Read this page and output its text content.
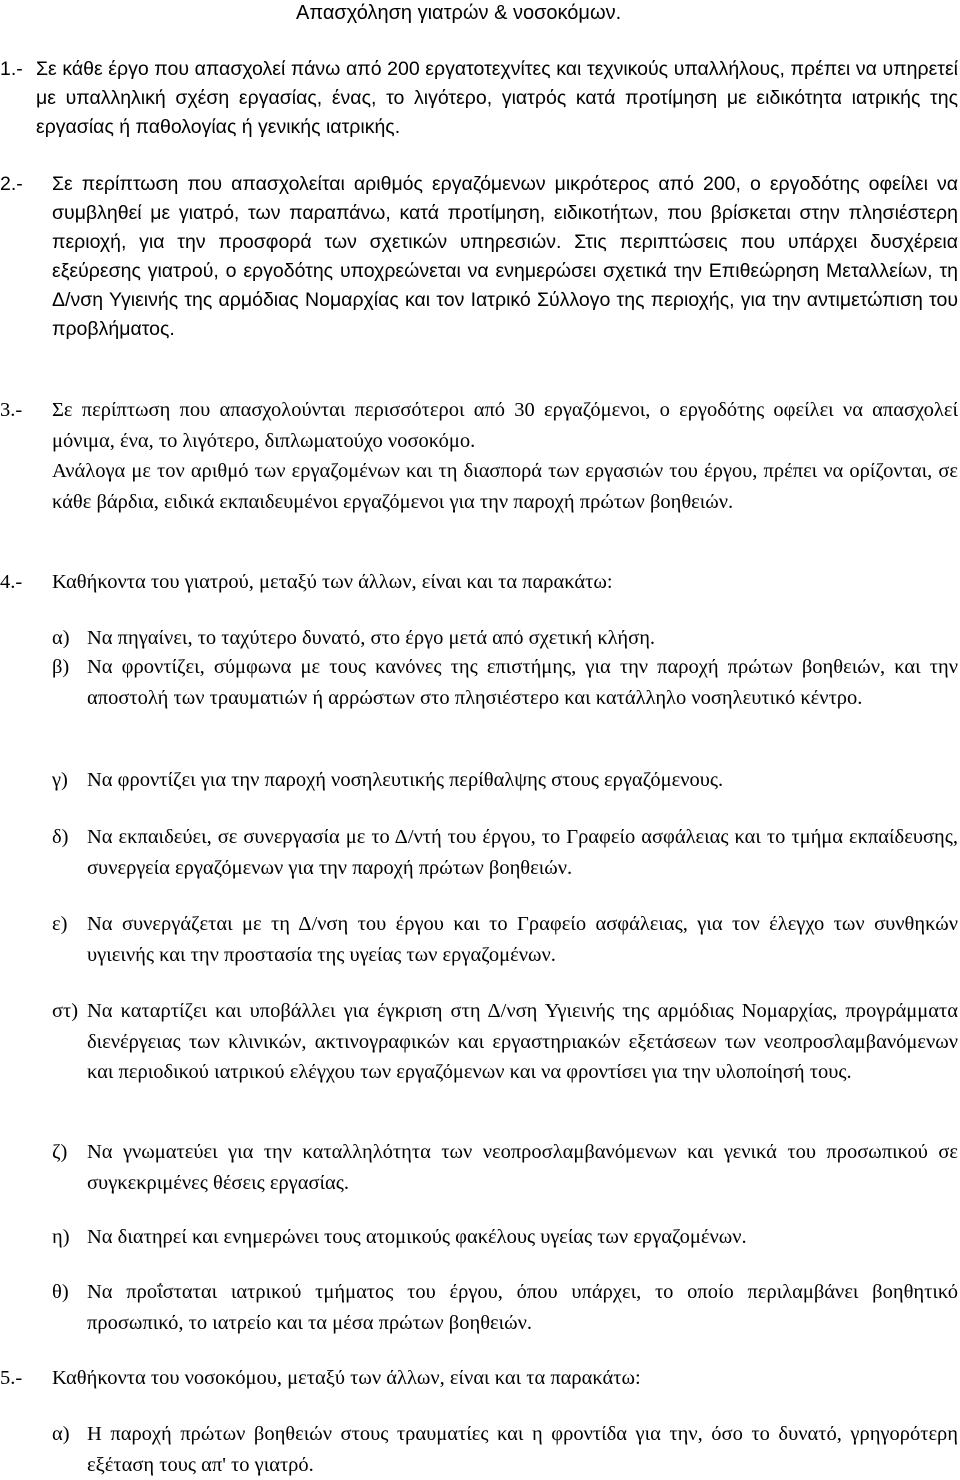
Απασχόληση γιατρών & νοσοκόμων.
1.- Σε κάθε έργο που απασχολεί πάνω από 200 εργατοτεχνίτες και τεχνικούς υπαλλήλους, πρέπει να υπηρετεί με υπαλληλική σχέση εργασίας, ένας, το λιγότερο, γιατρός κατά προτίμηση με ειδικότητα ιατρικής της εργασίας ή παθολογίας ή γενικής ιατρικής.
2.- Σε περίπτωση που απασχολείται αριθμός εργαζόμενων μικρότερος από 200, ο εργοδότης οφείλει να συμβληθεί με γιατρό, των παραπάνω, κατά προτίμηση, ειδικοτήτων, που βρίσκεται στην πλησιέστερη περιοχή, για την προσφορά των σχετικών υπηρεσιών. Στις περιπτώσεις που υπάρχει δυσχέρεια εξεύρεσης γιατρού, ο εργοδότης υποχρεώνεται να ενημερώσει σχετικά την Επιθεώρηση Μεταλλείων, τη Δ/νση Υγιεινής της αρμόδιας Νομαρχίας και τον Ιατρικό Σύλλογο της περιοχής, για την αντιμετώπιση του προβλήματος.
3.- Σε περίπτωση που απασχολούνται περισσότεροι από 30 εργαζόμενοι, ο εργοδότης οφείλει να απασχολεί μόνιμα, ένα, το λιγότερο, διπλωματούχο νοσοκόμο.
Ανάλογα με τον αριθμό των εργαζομένων και τη διασπορά των εργασιών του έργου, πρέπει να ορίζονται, σε κάθε βάρδια, ειδικά εκπαιδευμένοι εργαζόμενοι για την παροχή πρώτων βοηθειών.
4.- Καθήκοντα του γιατρού, μεταξύ των άλλων, είναι και τα παρακάτω:
α) Να πηγαίνει, το ταχύτερο δυνατό, στο έργο μετά από σχετική κλήση.
β) Να φροντίζει, σύμφωνα με τους κανόνες της επιστήμης, για την παροχή πρώτων βοηθειών, και την αποστολή των τραυματιών ή αρρώστων στο πλησιέστερο και κατάλληλο νοσηλευτικό κέντρο.
γ) Να φροντίζει για την παροχή νοσηλευτικής περίθαλψης στους εργαζόμενους.
δ) Να εκπαιδεύει, σε συνεργασία με το Δ/ντή του έργου, το Γραφείο ασφάλειας και το τμήμα εκπαίδευσης, συνεργεία εργαζόμενων για την παροχή πρώτων βοηθειών.
ε) Να συνεργάζεται με τη Δ/νση του έργου και το Γραφείο ασφάλειας, για τον έλεγχο των συνθηκών υγιεινής και την προστασία της υγείας των εργαζομένων.
στ) Να καταρτίζει και υποβάλλει για έγκριση στη Δ/νση Υγιεινής της αρμόδιας Νομαρχίας, προγράμματα διενέργειας των κλινικών, ακτινογραφικών και εργαστηριακών εξετάσεων των νεοπροσλαμβανόμενων και περιοδικού ιατρικού ελέγχου των εργαζόμενων και να φροντίσει για την υλοποίησή τους.
ζ) Να γνωματεύει για την καταλληλότητα των νεοπροσλαμβανόμενων και γενικά του προσωπικού σε συγκεκριμένες θέσεις εργασίας.
η) Να διατηρεί και ενημερώνει τους ατομικούς φακέλους υγείας των εργαζομένων.
θ) Να προΐσταται ιατρικού τμήματος του έργου, όπου υπάρχει, το οποίο περιλαμβάνει βοηθητικό προσωπικό, το ιατρείο και τα μέσα πρώτων βοηθειών.
5.- Καθήκοντα του νοσοκόμου, μεταξύ των άλλων, είναι και τα παρακάτω:
α) Η παροχή πρώτων βοηθειών στους τραυματίες και η φροντίδα για την, όσο το δυνατό, γρηγορότερη εξέταση τους απ' το γιατρό.
